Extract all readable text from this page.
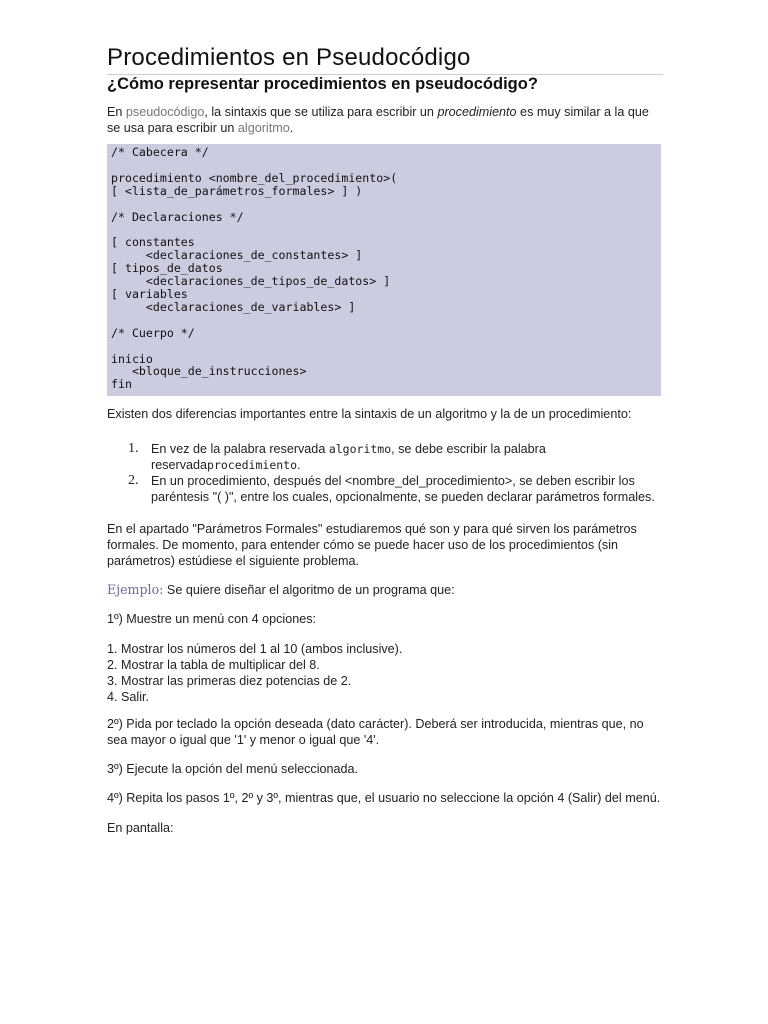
Procedimientos en Pseudocódigo
¿Cómo representar procedimientos en pseudocódigo?

En pseudocódigo, la sintaxis que se utiliza para escribir un procedimiento es muy similar a la que se usa para escribir un algoritmo.

/* Cabecera */

procedimiento <nombre_del_procedimiento>(
[ <lista_de_parámetros_formales> ] )

/* Declaraciones */

[ constantes
<declaraciones_de_constantes> ]
[ tipos_de_datos
<declaraciones_de_tipos_de_datos> ]
[ variables
<declaraciones_de_variables> ]

/* Cuerpo */

inicio
<bloque_de_instrucciones>
fin

Existen dos diferencias importantes entre la sintaxis de un algoritmo y la de un procedimiento:

1. En vez de la palabra reservada algoritmo, se debe escribir la palabra reservadaprocedimiento.
2. En un procedimiento, después del <nombre_del_procedimiento>, se deben escribir los paréntesis "( )", entre los cuales, opcionalmente, se pueden declarar parámetros formales.

En el apartado "Parámetros Formales" estudiaremos qué son y para qué sirven los parámetros formales. De momento, para entender cómo se puede hacer uso de los procedimientos (sin parámetros) estúdiese el siguiente problema.

Ejemplo: Se quiere diseñar el algoritmo de un programa que:

1º) Muestre un menú con 4 opciones:

1. Mostrar los números del 1 al 10 (ambos inclusive).
2. Mostrar la tabla de multiplicar del 8.
3. Mostrar las primeras diez potencias de 2.
4. Salir.

2º) Pida por teclado la opción deseada (dato carácter). Deberá ser introducida, mientras que, no sea mayor o igual que '1' y menor o igual que '4'.

3º) Ejecute la opción del menú seleccionada.

4º) Repita los pasos 1º, 2º y 3º, mientras que, el usuario no seleccione la opción 4 (Salir) del menú.

En pantalla:
